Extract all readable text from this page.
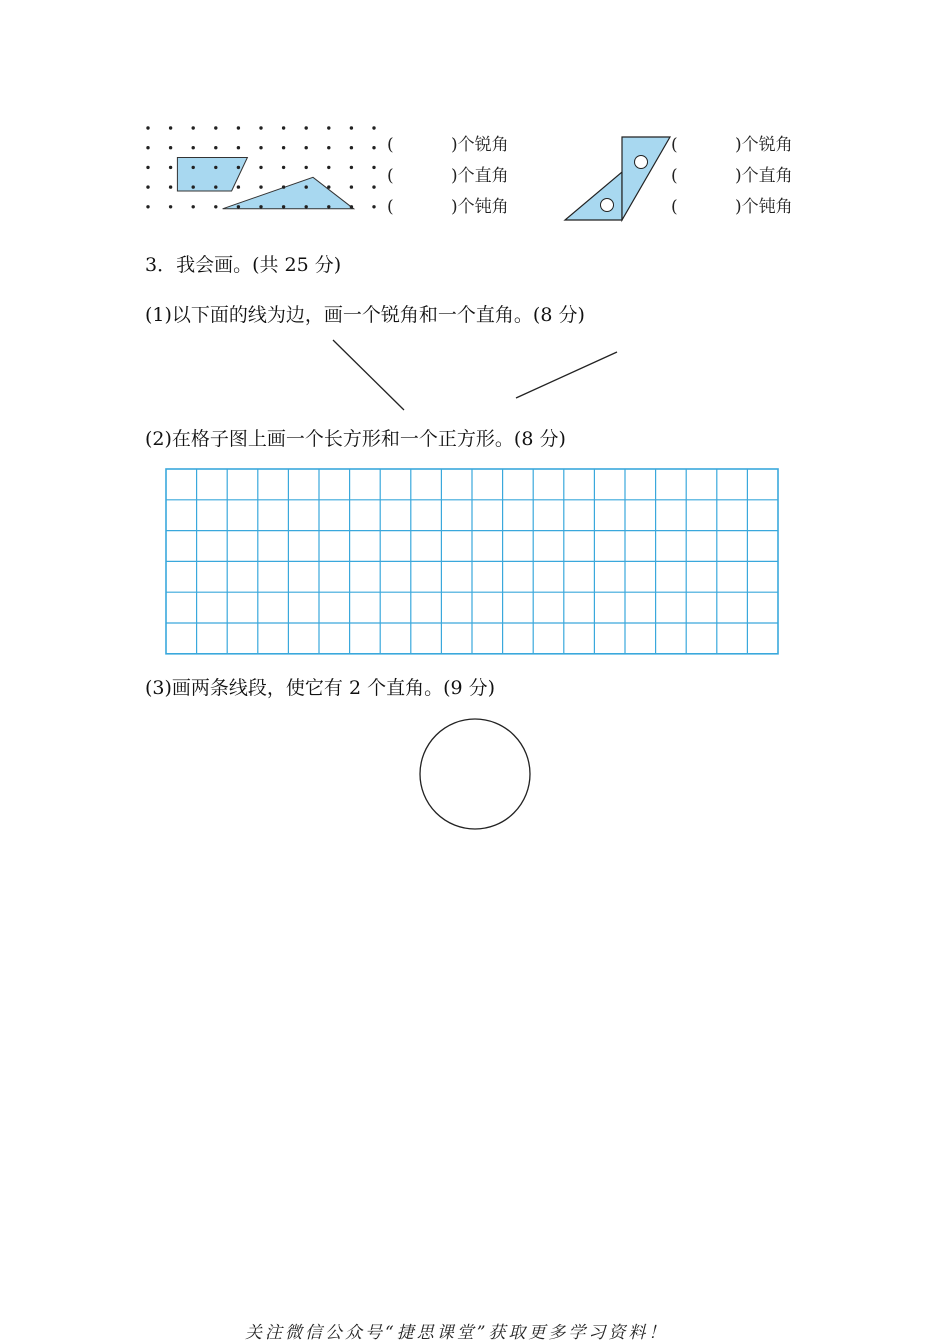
(	)个锐角
(	)个直角
(	)个钝角
(	)个锐角
(	)个直角
(	)个钝角
3．我会画。(共 25 分)
(1)以下面的线为边，画一个锐角和一个直角。(8 分)
(2)在格子图上画一个长方形和一个正方形。(8 分)
(3)画两条线段，使它有 2 个直角。(9 分)
关注微信公众号“捷思课堂”获取更多学习资料！
